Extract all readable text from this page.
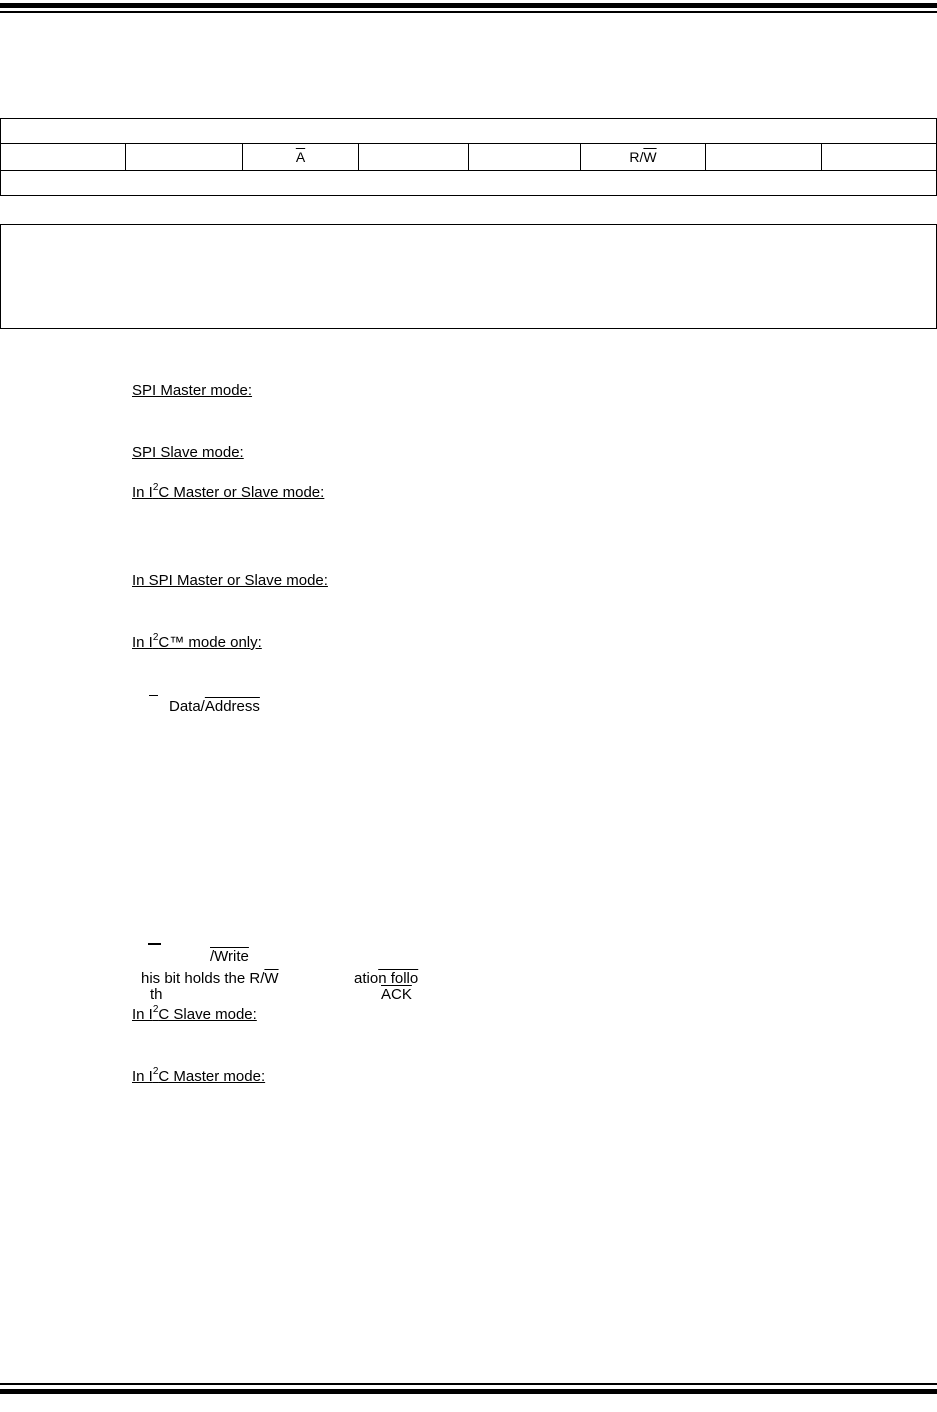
		$\overline{A}$			$R/\overline{W}$		

SPI Master mode:
SPI Slave mode:
In $I^2C$ Master or Slave mode:
In SPI Master or Slave mode:
In $I^2C™$ mode only:
Data/Address
/Write
his bit holds the $R/\overline{W}$	ation follo
th	$\overline{ACK}$
In $I^2C$ Slave mode:
In $I^2C$ Master mode:
